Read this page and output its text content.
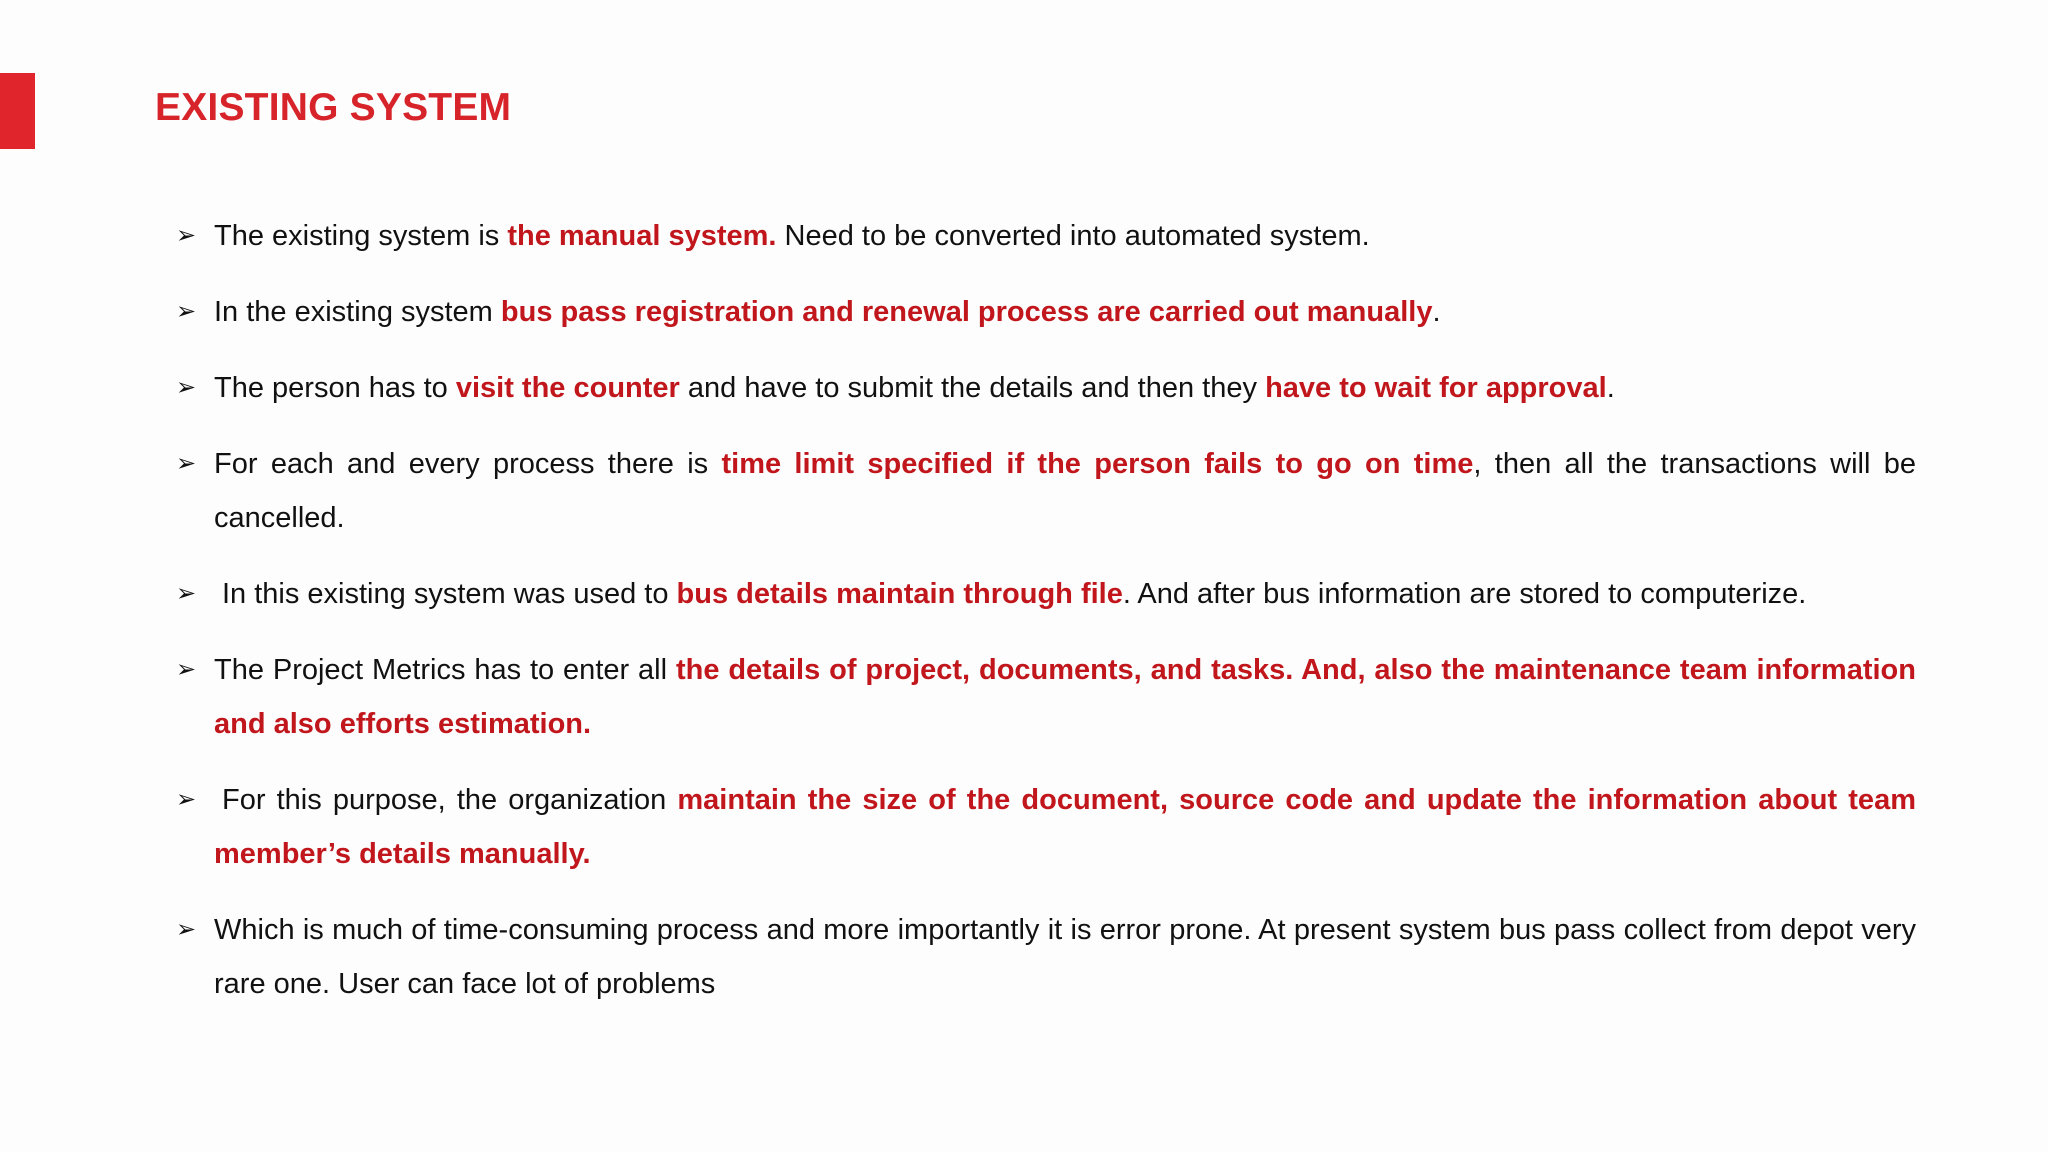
EXISTING SYSTEM
➢ The existing system is the manual system. Need to be converted into automated system.
➢ In the existing system bus pass registration and renewal process are carried out manually.
➢ The person has to visit the counter and have to submit the details and then they have to wait for approval.
➢ For each and every process there is time limit specified if the person fails to go on time, then all the transactions will be cancelled.
➢ In this existing system was used to bus details maintain through file. And after bus information are stored to computerize.
➢ The Project Metrics has to enter all the details of project, documents, and tasks. And, also the maintenance team information and also efforts estimation.
➢ For this purpose, the organization maintain the size of the document, source code and update the information about team member’s details manually.
➢ Which is much of time-consuming process and more importantly it is error prone. At present system bus pass collect from depot very rare one. User can face lot of problems
